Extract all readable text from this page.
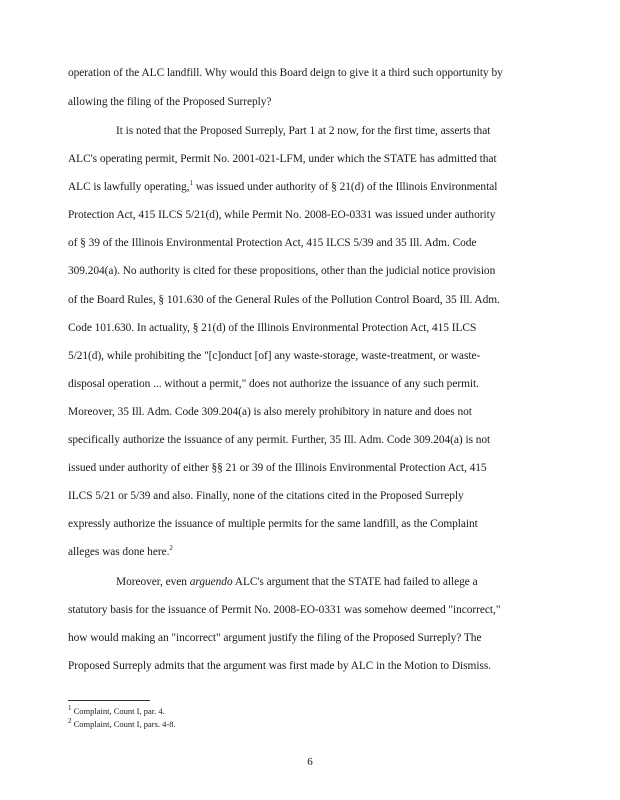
operation of the ALC landfill. Why would this Board deign to give it a third such opportunity by
allowing the filing of the Proposed Surreply?
It is noted that the Proposed Surreply, Part 1 at 2 now, for the first time, asserts that
ALC's operating permit, Permit No. 2001-021-LFM, under which the STATE has admitted that
ALC is lawfully operating,$^1$ was issued under authority of § 21(d) of the Illinois Environmental
Protection Act, 415 ILCS 5/21(d), while Permit No. 2008-EO-0331 was issued under authority
of § 39 of the Illinois Environmental Protection Act, 415 ILCS 5/39 and 35 Ill. Adm. Code
309.204(a). No authority is cited for these propositions, other than the judicial notice provision
of the Board Rules, § 101.630 of the General Rules of the Pollution Control Board, 35 Ill. Adm.
Code 101.630. In actuality, § 21(d) of the Illinois Environmental Protection Act, 415 ILCS
5/21(d), while prohibiting the "[c]onduct [of] any waste-storage, waste-treatment, or waste-
disposal operation ... without a permit," does not authorize the issuance of any such permit.
Moreover, 35 Ill. Adm. Code 309.204(a) is also merely prohibitory in nature and does not
specifically authorize the issuance of any permit. Further, 35 Ill. Adm. Code 309.204(a) is not
issued under authority of either §§ 21 or 39 of the Illinois Environmental Protection Act, 415
ILCS 5/21 or 5/39 and also. Finally, none of the citations cited in the Proposed Surreply
expressly authorize the issuance of multiple permits for the same landfill, as the Complaint
alleges was done here.$^2$
Moreover, even arguendo ALC's argument that the STATE had failed to allege a
statutory basis for the issuance of Permit No. 2008-EO-0331 was somehow deemed "incorrect,"
how would making an "incorrect" argument justify the filing of the Proposed Surreply? The
Proposed Surreply admits that the argument was first made by ALC in the Motion to Dismiss.
$^1$ Complaint, Count I, par. 4.
$^2$ Complaint, Count I, pars. 4-8.
6
